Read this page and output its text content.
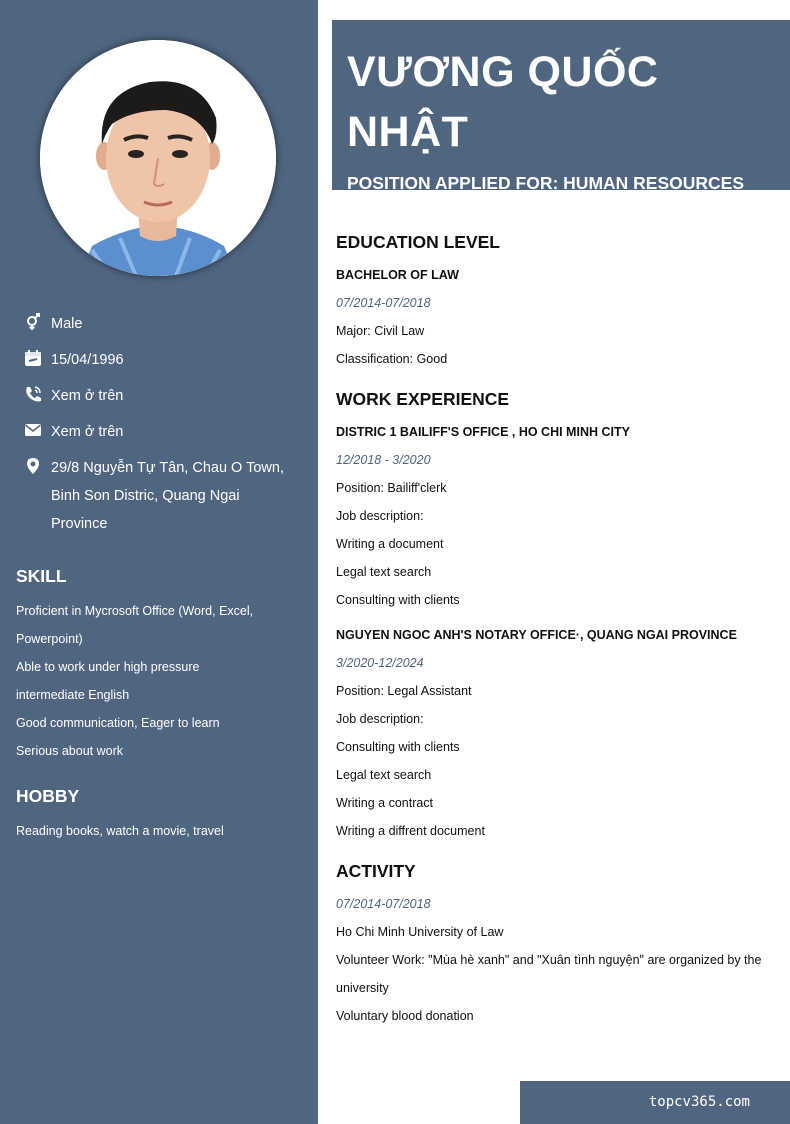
Male
15/04/1996
Xem ở trên
Xem ở trên
29/8 Nguyễn Tự Tân, Chau O Town, Binh Son Distric, Quang Ngai Province
SKILL
Proficient in Mycrosoft Office (Word, Excel, Powerpoint)
Able to work under high pressure
intermediate English
Good communication, Eager to learn
Serious about work
HOBBY

Reading books, watch a movie, travel

VƯƠNG QUỐC NHẬT

POSITION APPLIED FOR: HUMAN RESOURCES OFFICER

EDUCATION LEVEL

BACHELOR OF LAW

07/2014-07/2018

Major: Civil Law

Classification: Good

WORK EXPERIENCE

DISTRIC 1 BAILIFF'S OFFICE , HO CHI MINH CITY

12/2018 - 3/2020

Position: Bailiff'clerk

Job description:

Writing a document

Legal text search

Consulting with clients

NGUYEN NGOC ANH'S NOTARY OFFICE·, QUANG NGAI PROVINCE

3/2020-12/2024

Position: Legal Assistant

Job description:

Consulting with clients

Legal text search

Writing a contract

Writing a diffrent document

ACTIVITY

07/2014-07/2018

Ho Chi Minh University of Law

Volunteer Work: "Mùa hè xanh" and "Xuân tình nguyện" are organized by the university

Voluntary blood donation

topcv365.com
